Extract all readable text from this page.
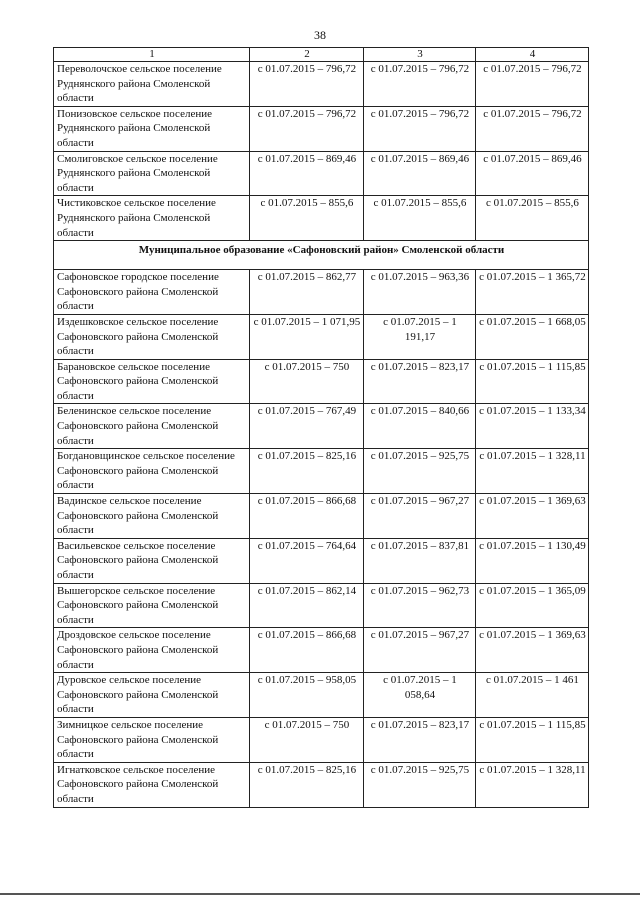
38
1	2	3	4
Переволочское сельское поселение Руднянского района Смоленской области	с 01.07.2015 – 796,72	с 01.07.2015 – 796,72	с 01.07.2015 – 796,72
Понизовское сельское поселение Руднянского района Смоленской области	с 01.07.2015 – 796,72	с 01.07.2015 – 796,72	с 01.07.2015 – 796,72
Смолиговское сельское поселение Руднянского района Смоленской области	с 01.07.2015 – 869,46	с 01.07.2015 – 869,46	с 01.07.2015 – 869,46
Чистиковское сельское поселение Руднянского района Смоленской области	с 01.07.2015 – 855,6	с 01.07.2015 – 855,6	с 01.07.2015 – 855,6
Муниципальное образование «Сафоновский район» Смоленской области			
Сафоновское городское поселение Сафоновского района Смоленской области	с 01.07.2015 – 862,77	с 01.07.2015 – 963,36	с 01.07.2015 – 1 365,72
Издешковское сельское поселение Сафоновского района Смоленской области	с 01.07.2015 – 1 071,95	с 01.07.2015 – 1 191,17	с 01.07.2015 – 1 668,05
Барановское сельское поселение Сафоновского района Смоленской области	с 01.07.2015 – 750	с 01.07.2015 – 823,17	с 01.07.2015 – 1 115,85
Беленинское сельское поселение Сафоновского района Смоленской области	с 01.07.2015 – 767,49	с 01.07.2015 – 840,66	с 01.07.2015 – 1 133,34
Богдановщинское сельское поселение Сафоновского района Смоленской области	с 01.07.2015 – 825,16	с 01.07.2015 – 925,75	с 01.07.2015 – 1 328,11
Вадинское сельское поселение Сафоновского района Смоленской области	с 01.07.2015 – 866,68	с 01.07.2015 – 967,27	с 01.07.2015 – 1 369,63
Васильевское сельское поселение Сафоновского района Смоленской области	с 01.07.2015 – 764,64	с 01.07.2015 – 837,81	с 01.07.2015 – 1 130,49
Вышегорское сельское поселение Сафоновского района Смоленской области	с 01.07.2015 – 862,14	с 01.07.2015 – 962,73	с 01.07.2015 – 1 365,09
Дроздовское сельское поселение Сафоновского района Смоленской области	с 01.07.2015 – 866,68	с 01.07.2015 – 967,27	с 01.07.2015 – 1 369,63
Дуровское сельское поселение Сафоновского района Смоленской области	с 01.07.2015 – 958,05	с 01.07.2015 – 1 058,64	с 01.07.2015 – 1 461
Зимницкое сельское поселение Сафоновского района Смоленской области	с 01.07.2015 – 750	с 01.07.2015 – 823,17	с 01.07.2015 – 1 115,85
Игнатковское сельское поселение Сафоновского района Смоленской области	с 01.07.2015 – 825,16	с 01.07.2015 – 925,75	с 01.07.2015 – 1 328,11
